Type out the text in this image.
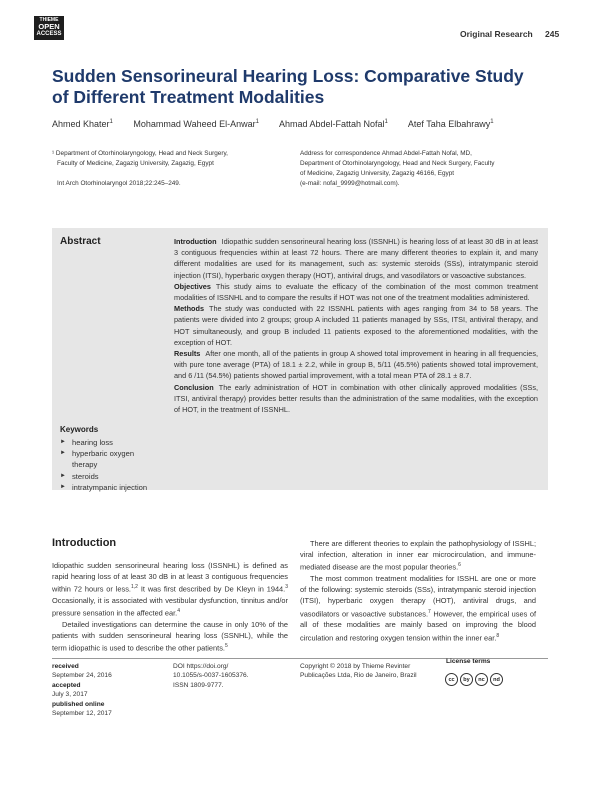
THIEME
OPEN
ACCESS	Original Research 245
Sudden Sensorineural Hearing Loss: Comparative Study of Different Treatment Modalities
Ahmed Khater$^1$ Mohammad Waheed El-Anwar$^1$ Ahmad Abdel-Fattah Nofal$^1$ Atef Taha Elbahrawy$^1$
¹ Department of Otorhinolaryngology, Head and Neck Surgery,
Faculty of Medicine, Zagazig University, Zagazig, Egypt
Int Arch Otorhinolaryngol 2018;22:245–249.
Address for correspondence Ahmad Abdel-Fattah Nofal, MD,
Department of Otorhinolaryngology, Head and Neck Surgery, Faculty
of Medicine, Zagazig University, Zagazig 46166, Egypt
(e-mail: nofal_9999@hotmail.com).
Abstract	Introduction Idiopathic sudden sensorineural hearing loss (ISSNHL) is hearing loss of at least 30 dB in at least 3 contiguous frequencies within at least 72 hours. There are many different theories to explain it, and many different modalities are used for its management, such as: systemic steroids (SSs), intratympanic steroid injection (ITSI), hyperbaric oxygen therapy (HOT), antiviral drugs, and vasodilators or vasoactive substances.

Objectives This study aims to evaluate the efficacy of the combination of the most common treatment modalities of ISSNHL and to compare the results if HOT was not one of the treatment modalities administered.

Methods The study was conducted with 22 ISSNHL patients with ages ranging from 34 to 58 years. The patients were divided into 2 groups; group A included 11 patients managed by SSs, ITSI, antiviral therapy, and HOT simultaneously, and group B included 11 patients exposed to the aforementioned modalities, with the exception of HOT.

Results After one month, all of the patients in group A showed total improvement in hearing in all frequencies, with pure tone average (PTA) of 18.1 ± 2.2, while in group B, 5/11 (45.5%) patients showed total improvement, and 6 /11 (54.5%) patients showed partial improvement, with a total mean PTA of 28.1 ± 8.7.

Conclusion The early administration of HOT in combination with other clinically approved modalities (SSs, ITSI, antiviral therapy) provides better results than the administration of the same modalities, with the exception of HOT, in the treatment of ISSNHL.

Keywords
► hearing loss
► hyperbaric oxygen therapy
► steroids
► intratympanic injection
Introduction

Idiopathic sudden sensorineural hearing loss (ISSNHL) is defined as rapid hearing loss of at least 30 dB in at least 3 contiguous frequencies within 72 hours or less.$^{1,2}$ It was first described by De Kleyn in 1944.$^3$ Occasionally, it is associated with vestibular dysfunction, tinnitus and/or pressure sensation in the affected ear.$^4$

Detailed investigations can determine the cause in only 10% of the patients with sudden sensorineural hearing loss (SSNHL), while the term idiopathic is used to describe the other patients.$^5$

There are different theories to explain the pathophysiology of ISSHL; viral infection, alteration in inner ear microcirculation, and immune-mediated disease are the most popular theories.$^6$

The most common treatment modalities for ISSHL are one or more of the following: systemic steroids (SSs), intratympanic steroid injection (ITSI), hyperbaric oxygen therapy (HOT), antiviral drugs, and vasodilators or vasoactive substances.$^7$ However, the empirical uses of all of these modalities are mainly based on improving the blood circulation and restoring oxygen tension within the inner ear.$^8$

received
September 24, 2016
accepted
July 3, 2017
published online
September 12, 2017
DOI https://doi.org/
10.1055/s-0037-1605376.
ISSN 1809-9777.
Copyright © 2018 by Thieme Revinter
Publicações Ltda, Rio de Janeiro, Brazil
License terms
cc	by	nc	nd
